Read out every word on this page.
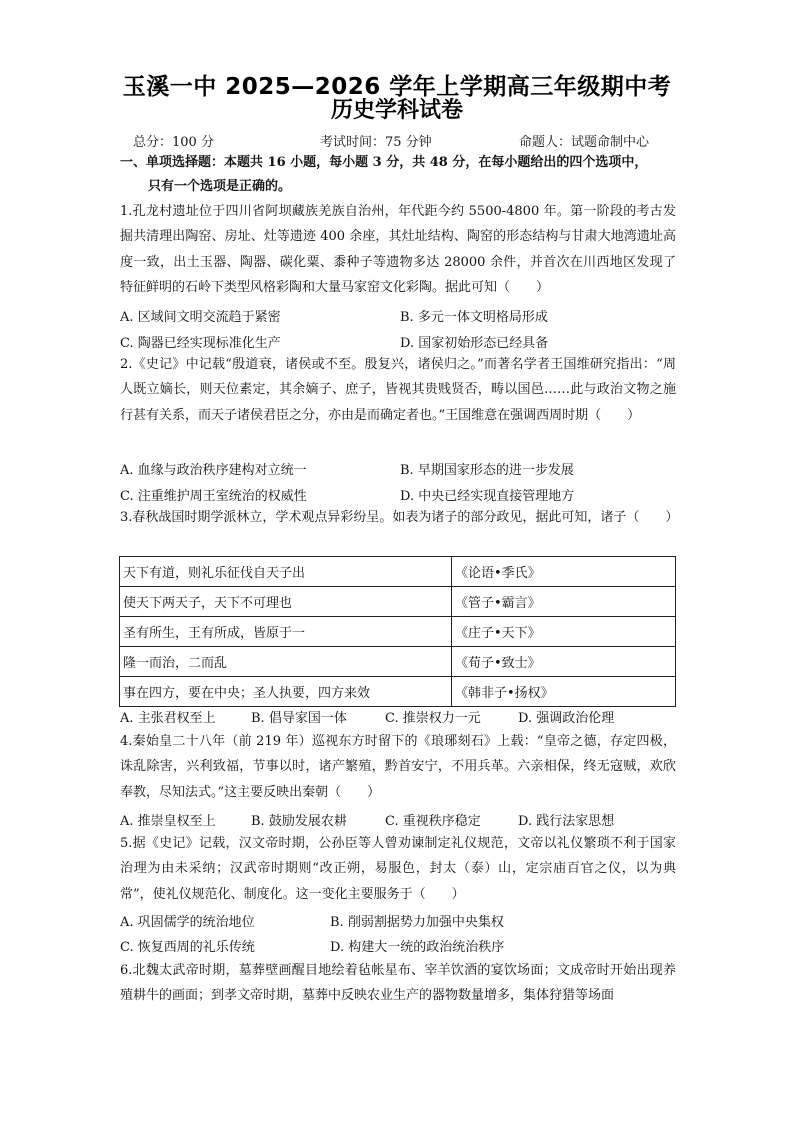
玉溪一中 2025—2026 学年上学期高三年级期中考
历史学科试卷
总分：100 分	考试时间：75 分钟	命题人：试题命制中心
一、单项选择题：本题共 16 小题，每小题 3 分，共 48 分，在每小题给出的四个选项中，
只有一个选项是正确的。
1.孔龙村遗址位于四川省阿坝藏族羌族自治州，年代距今约 5500-4800 年。第一阶段的考古发掘共清理出陶窑、房址、灶等遗迹 400 余座，其灶址结构、陶窑的形态结构与甘肃大地湾遗址高度一致，出土玉器、陶器、碳化粟、黍种子等遗物多达 28000 余件，并首次在川西地区发现了特征鲜明的石岭下类型风格彩陶和大量马家窑文化彩陶。据此可知（　　）
A. 区域间文明交流趋于紧密	B. 多元一体文明格局形成
C. 陶器已经实现标准化生产	D. 国家初始形态已经具备
2.《史记》中记载“殷道衰，诸侯或不至。殷复兴，诸侯归之。”而著名学者王国维研究指出：“周人既立嫡长，则天位素定，其余嫡子、庶子，皆视其贵贱贤否，畴以国邑……此与政治文物之施行甚有关系，而天子诸侯君臣之分，亦由是而确定者也。”王国维意在强调西周时期（　　）
A. 血缘与政治秩序建构对立统一	B. 早期国家形态的进一步发展
C. 注重维护周王室统治的权威性	D. 中央已经实现直接管理地方
3.春秋战国时期学派林立，学术观点异彩纷呈。如表为诸子的部分政见，据此可知，诸子（　　）
天下有道，则礼乐征伐自天子出	《论语•季氏》
使天下两天子，天下不可理也	《管子•霸言》
圣有所生，王有所成，皆原于一	《庄子•天下》
隆一而治，二而乱	《荀子•致士》
事在四方，要在中央；圣人执要，四方来效	《韩非子•扬权》
A. 主张君权至上	B. 倡导家国一体	C. 推崇权力一元	D. 强调政治伦理
4.秦始皇二十八年（前 219 年）巡视东方时留下的《琅琊刻石》上载：“皇帝之德，存定四极，诛乱除害，兴利致福，节事以时，诸产繁殖，黔首安宁，不用兵革。六亲相保，终无寇贼，欢欣奉教，尽知法式。”这主要反映出秦朝（　　）
A. 推崇皇权至上	B. 鼓励发展农耕	C. 重视秩序稳定	D. 践行法家思想
5.据《史记》记载，汉文帝时期，公孙臣等人曾劝谏制定礼仪规范，文帝以礼仪繁琐不利于国家治理为由未采纳；汉武帝时期则“改正朔，易服色，封太（泰）山，定宗庙百官之仪，以为典常”，使礼仪规范化、制度化。这一变化主要服务于（　　）
A. 巩固儒学的统治地位	B. 削弱割据势力加强中央集权
C. 恢复西周的礼乐传统	D. 构建大一统的政治统治秩序
6.北魏太武帝时期，墓葬壁画醒目地绘着毡帐星布、宰羊饮酒的宴饮场面；文成帝时开始出现养殖耕牛的画面；到孝文帝时期，墓葬中反映农业生产的器物数量增多，集体狩猎等场面
